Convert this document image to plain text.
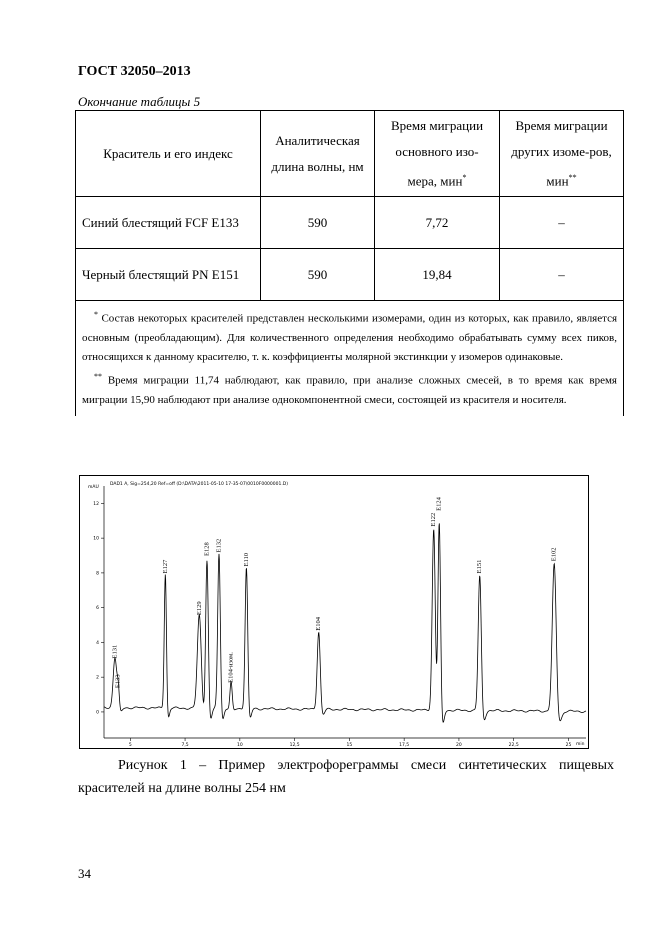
ГОСТ 32050–2013
Окончание таблицы 5
Краситель и его индекс	Аналитическая длина волны, нм	Время миграции основного изо-мера, мин*	Время миграции других изоме-ров, мин**
Синий блестящий FCF E133	590	7,72	–
Черный блестящий PN E151	590	19,84	–

* Состав некоторых красителей представлен несколькими изомерами, один из которых, как правило, является основным (преобладающим). Для количественного определения необходимо обрабатывать сумму всех пиков, относящихся к данному красителю, т. к. коэффициенты молярной экстинкции у изомеров одинаковые.

** Время миграции 11,74 наблюдают, как правило, при анализе сложных смесей, в то время как время миграции 15,90 наблюдают при анализе однокомпонентной смеси, состоящей из красителя и носителя.			

DAD1 A, Sig=254,20 Ref=off (D:\DATA\2011-05-10 17-35-07\0010F0000001.D)
mAU
min
5	7,5	10	12,5	15	17,5	20	22,5	25
0
2
4
6
8
10
12
E131
E133
E127
E129
E128 E132
E104-изом.
E110
E104
E122
E124
E151
E102
Рисунок 1 – Пример электрофореграммы смеси синтетических пищевых красителей на длине волны 254 нм
34
